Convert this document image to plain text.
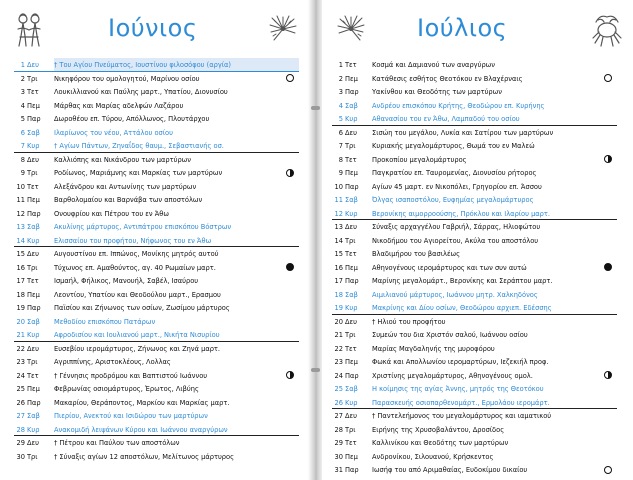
Ιούνιος
1 Δευ † Του Αγίου Πνεύματος, Ιουστίνου φιλοσόφου (αργία)
2 Τρι Νικηφόρου του ομολογητού, Μαρίνου οσίου
3 Τετ Λουκιλλιανού και Παύλης μαρτ., Υπατίου, Διονυσίου
4 Πεμ Μάρθας και Μαρίας αδελφών Λαζάρου
5 Παρ Δωροθέου επ. Τύρου, Απόλλωνος, Πλουτάρχου
6 Σαβ Ιλαρίωνος του νέου, Αττάλου οσίου
7 Κυρ † Αγίων Πάντων, Ζηναΐδος θαυμ., Σεβαστιανής οσ.
8 Δευ Καλλιόπης και Νικάνδρου των μαρτύρων
9 Τρι Ροδίωνος, Μαριάμνης και Μαρκίας των μαρτύρων
10 Τετ Αλεξάνδρου και Αντωνίνης των μαρτύρων
11 Πεμ Βαρθολομαίου και Βαρνάβα των αποστόλων
12 Παρ Ονουφρίου και Πέτρου του εν Άθω
13 Σαβ Ακυλίνης μάρτυρος, Αντιπάτρου επισκόπου Βόστρων
14 Κυρ Ελισσαίου του προφήτου, Νήφωνος του εν Άθω
15 Δευ Αυγουστίνου επ. Ιππώνος, Μονίκης μητρός αυτού
16 Τρι Τύχωνος επ. Αμαθούντος, αγ. 40 Ρωμαίων μαρτ.
17 Τετ Ισμαήλ, Φήλικος, Μανουήλ, Σαβέλ, Ισαύρου
18 Πεμ Λεοντίου, Υπατίου και Θεοδούλου μαρτ., Ερασμου
19 Παρ Παϊσίου και Ζήνωνος των οσίων, Ζωσίμου μάρτυρος
20 Σαβ Μεθοδίου επισκόπου Πατάρων
21 Κυρ Αφροδισίου και Ιουλιανού μαρτ., Νικήτα Νισυρίου
22 Δευ Ευσεβίου ιερομάρτυρος, Ζήνωνος και Ζηνά μαρτ.
23 Τρι Αγριππίνης, Αριστοκλέους, Λολλας
24 Τετ † Γέννησις προδρόμου και Βαπτιστού Ιωάννου
25 Πεμ Φεβρωνίας οσιομάρτυρος, Έρωτος, Λιβύης
26 Παρ Μακαρίου, Θεράποντος, Μαρκίου και Μαρκίας μαρτ.
27 Σαβ Πιερίου, Ανεκτού και Ισιδώρου των μαρτύρων
28 Κυρ Ανακομιδή λειψάνων Κύρου και Ιωάννου αναργύρων
29 Δευ † Πέτρου και Παύλου των αποστόλων
30 Τρι † Σύναξις αγίων 12 αποστόλων, Μελίτωνος μάρτυρος
Ιούλιος
1 Τετ Κοσμά και Δαμιανού των αναργύρων
2 Πεμ Κατάθεσις εσθήτος Θεοτόκου εν Βλαχέρναις
3 Παρ Υακίνθου και Θεοδότης των μαρτύρων
4 Σαβ Ανδρέου επισκόπου Κρήτης, Θεοδώρου επ. Κυρήνης
5 Κυρ Αθανασίου του εν Άθω, Λαμπαδού του οσίου
6 Δευ Σισώη του μεγάλου, Λυκία και Σατίρου των μαρτύρων
7 Τρι Κυριακής μεγαλομάρτυρος, Θωμά του εν Μαλεώ
8 Τετ Προκοπίου μεγαλομάρτυρος
9 Πεμ Παγκρατίου επ. Ταυρομενίας, Διονυσίου ρήτορος
10 Παρ Αγίων 45 μαρτ. εν Νικοπόλει, Γρηγορίου επ. Άσσου
11 Σαβ Όλγας ισαποστόλου, Ευφημίας μεγαλομάρτυρος
12 Κυρ Βερονίκης αιμορροούσης, Πρόκλου και Ιλαρίου μαρτ.
13 Δευ Σύναξις αρχαγγέλου Γαβριήλ, Σάρρας, Ηλιοφώτου
14 Τρι Νικοδήμου του Αγιορείτου, Ακύλα του αποστόλου
15 Τετ Βλαδιμήρου του βασιλέως
16 Πεμ Αθηνογένους ιερομάρτυρος και των συν αυτώ
17 Παρ Μαρίνης μεγαλομάρτ., Βερονίκης και Σεράπτου μαρτ.
18 Σαβ Αιμιλιανού μάρτυρος, Ιωάννου μητρ. Χαλκηδόνος
19 Κυρ Μακρίνης και Δίου οσίων, Θεοδώρου αρχιεπ. Εδέσσης
20 Δευ † Ηλιού του προφήτου
21 Τρι Συμεών του δια Χριστόν σαλού, Ιωάννου οσίου
22 Τετ Μαρίας Μαγδαληνής της μυροφόρου
23 Πεμ Φωκά και Απολλωνίου ιερομαρτύρων, Ιεζεκιήλ προφ.
24 Παρ Χριστίνης μεγαλομάρτυρος, Αθηνογένους ομολ.
25 Σαβ Η κοίμησις της αγίας Άννης, μητρός της Θεοτόκου
26 Κυρ Παρασκευής οσιοπαρθενομάρτ., Ερμολάου ιερομάρτ.
27 Δευ † Παντελεήμονος του μεγαλομάρτυρος και ιαματικού
28 Τρι Ειρήνης της Χρυσοβαλάντου, Δροσίδος
29 Τετ Καλλινίκου και Θεοδότης των μαρτύρων
30 Πεμ Ανδρονίκου, Σιλουανού, Κρήσκεντος
31 Παρ Ιωσήφ του από Αριμαθαίας, Ευδοκίμου δικαίου
